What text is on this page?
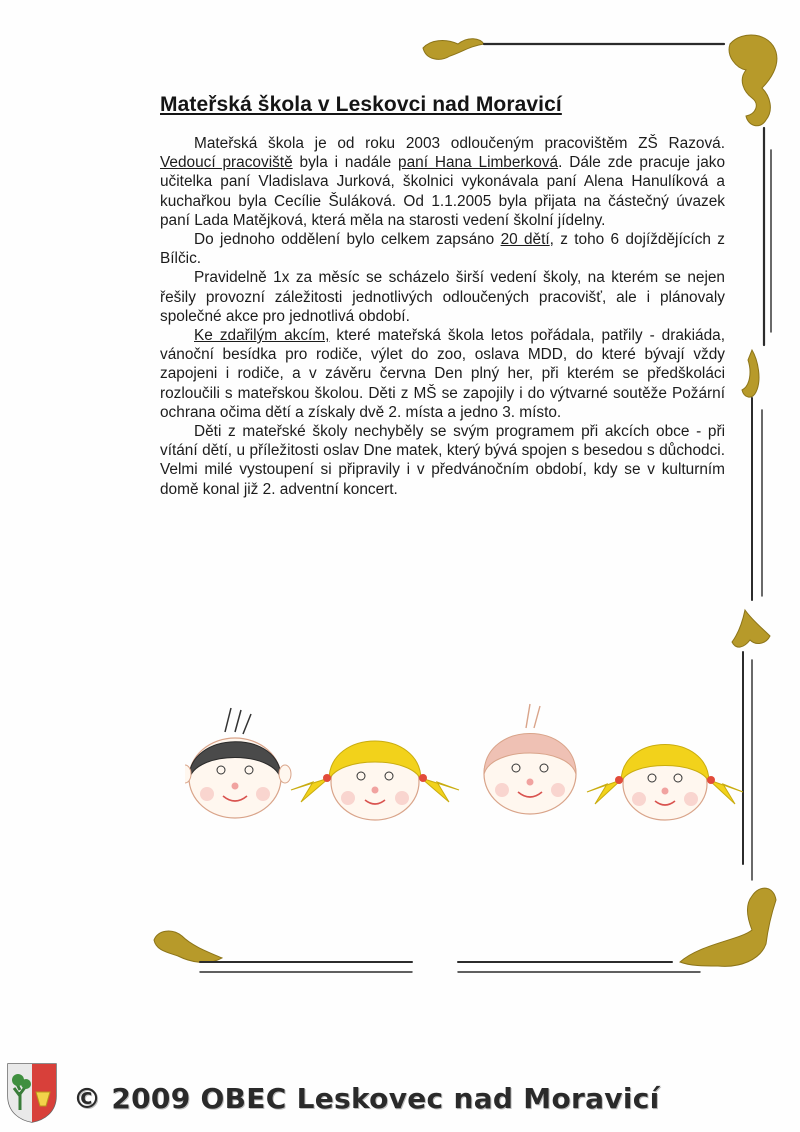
Mateřská škola v Leskovci nad Moravicí

Mateřská škola je od roku 2003 odloučeným pracovištěm ZŠ Razová. Vedoucí pracoviště byla i nadále paní Hana Limberková. Dále zde pracuje jako učitelka paní Vladislava Jurková, školnici vykonávala paní Alena Hanulíková a kuchařkou byla Cecílie Šuláková. Od 1.1.2005 byla přijata na částečný úvazek paní Lada Matějková, která měla na starosti vedení školní jídelny.

Do jednoho oddělení bylo celkem zapsáno 20 dětí, z toho 6 dojíždějících z Bílčic.

Pravidelně 1x za měsíc se scházelo širší vedení školy, na kterém se nejen řešily provozní záležitosti jednotlivých odloučených pracovišť, ale i plánovaly společné akce pro jednotlivá období.

Ke zdařilým akcím, které mateřská škola letos pořádala, patřily - drakiáda, vánoční besídka pro rodiče, výlet do zoo, oslava MDD, do které bývají vždy zapojeni i rodiče, a v závěru června Den plný her, při kterém se předškoláci rozloučili s mateřskou školou. Děti z MŠ se zapojily i do výtvarné soutěže Požární ochrana očima dětí a získaly dvě 2. místa a jedno 3. místo.

Děti z mateřské školy nechyběly se svým programem při akcích obce - při vítání dětí, u příležitosti oslav Dne matek, který bývá spojen s besedou s důchodci. Velmi milé vystoupení si připravily i v předvánočním období, kdy se v kulturním domě konal již 2. adventní koncert.

© 2009 OBEC Leskovec nad Moravicí
